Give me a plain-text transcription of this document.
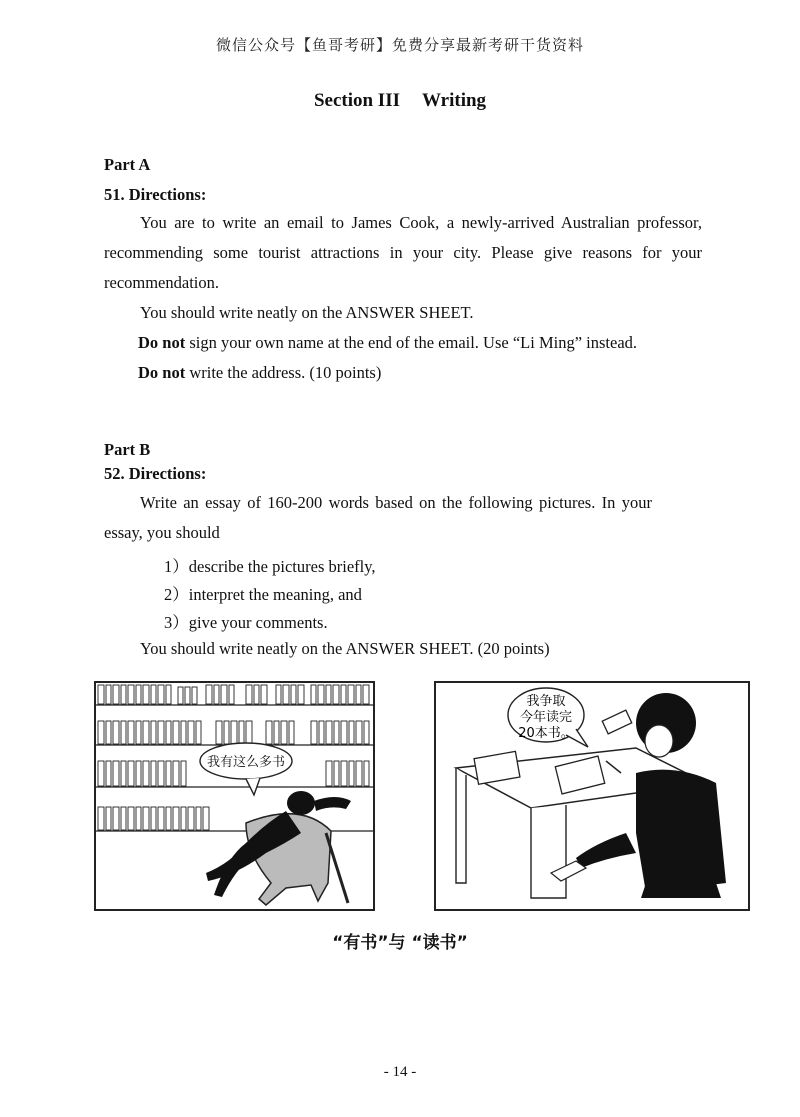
微信公众号【鱼哥考研】免费分享最新考研干货资料
Section III Writing
Part A
51. Directions:
You are to write an email to James Cook, a newly-arrived Australian professor,
recommending some tourist attractions in your city. Please give reasons for your
recommendation.
You should write neatly on the ANSWER SHEET.
Do not sign your own name at the end of the email. Use “Li Ming” instead.
Do not write the address. (10 points)
Part B
52. Directions:
Write an essay of 160-200 words based on the following pictures. In your
essay, you should
1）describe the pictures briefly,
2）interpret the meaning, and
3）give your comments.
You should write neatly on the ANSWER SHEET. (20 points)
我有这么多书
我争取
今年读完
20本书。
“有书”与 “读书”
- 14 -
